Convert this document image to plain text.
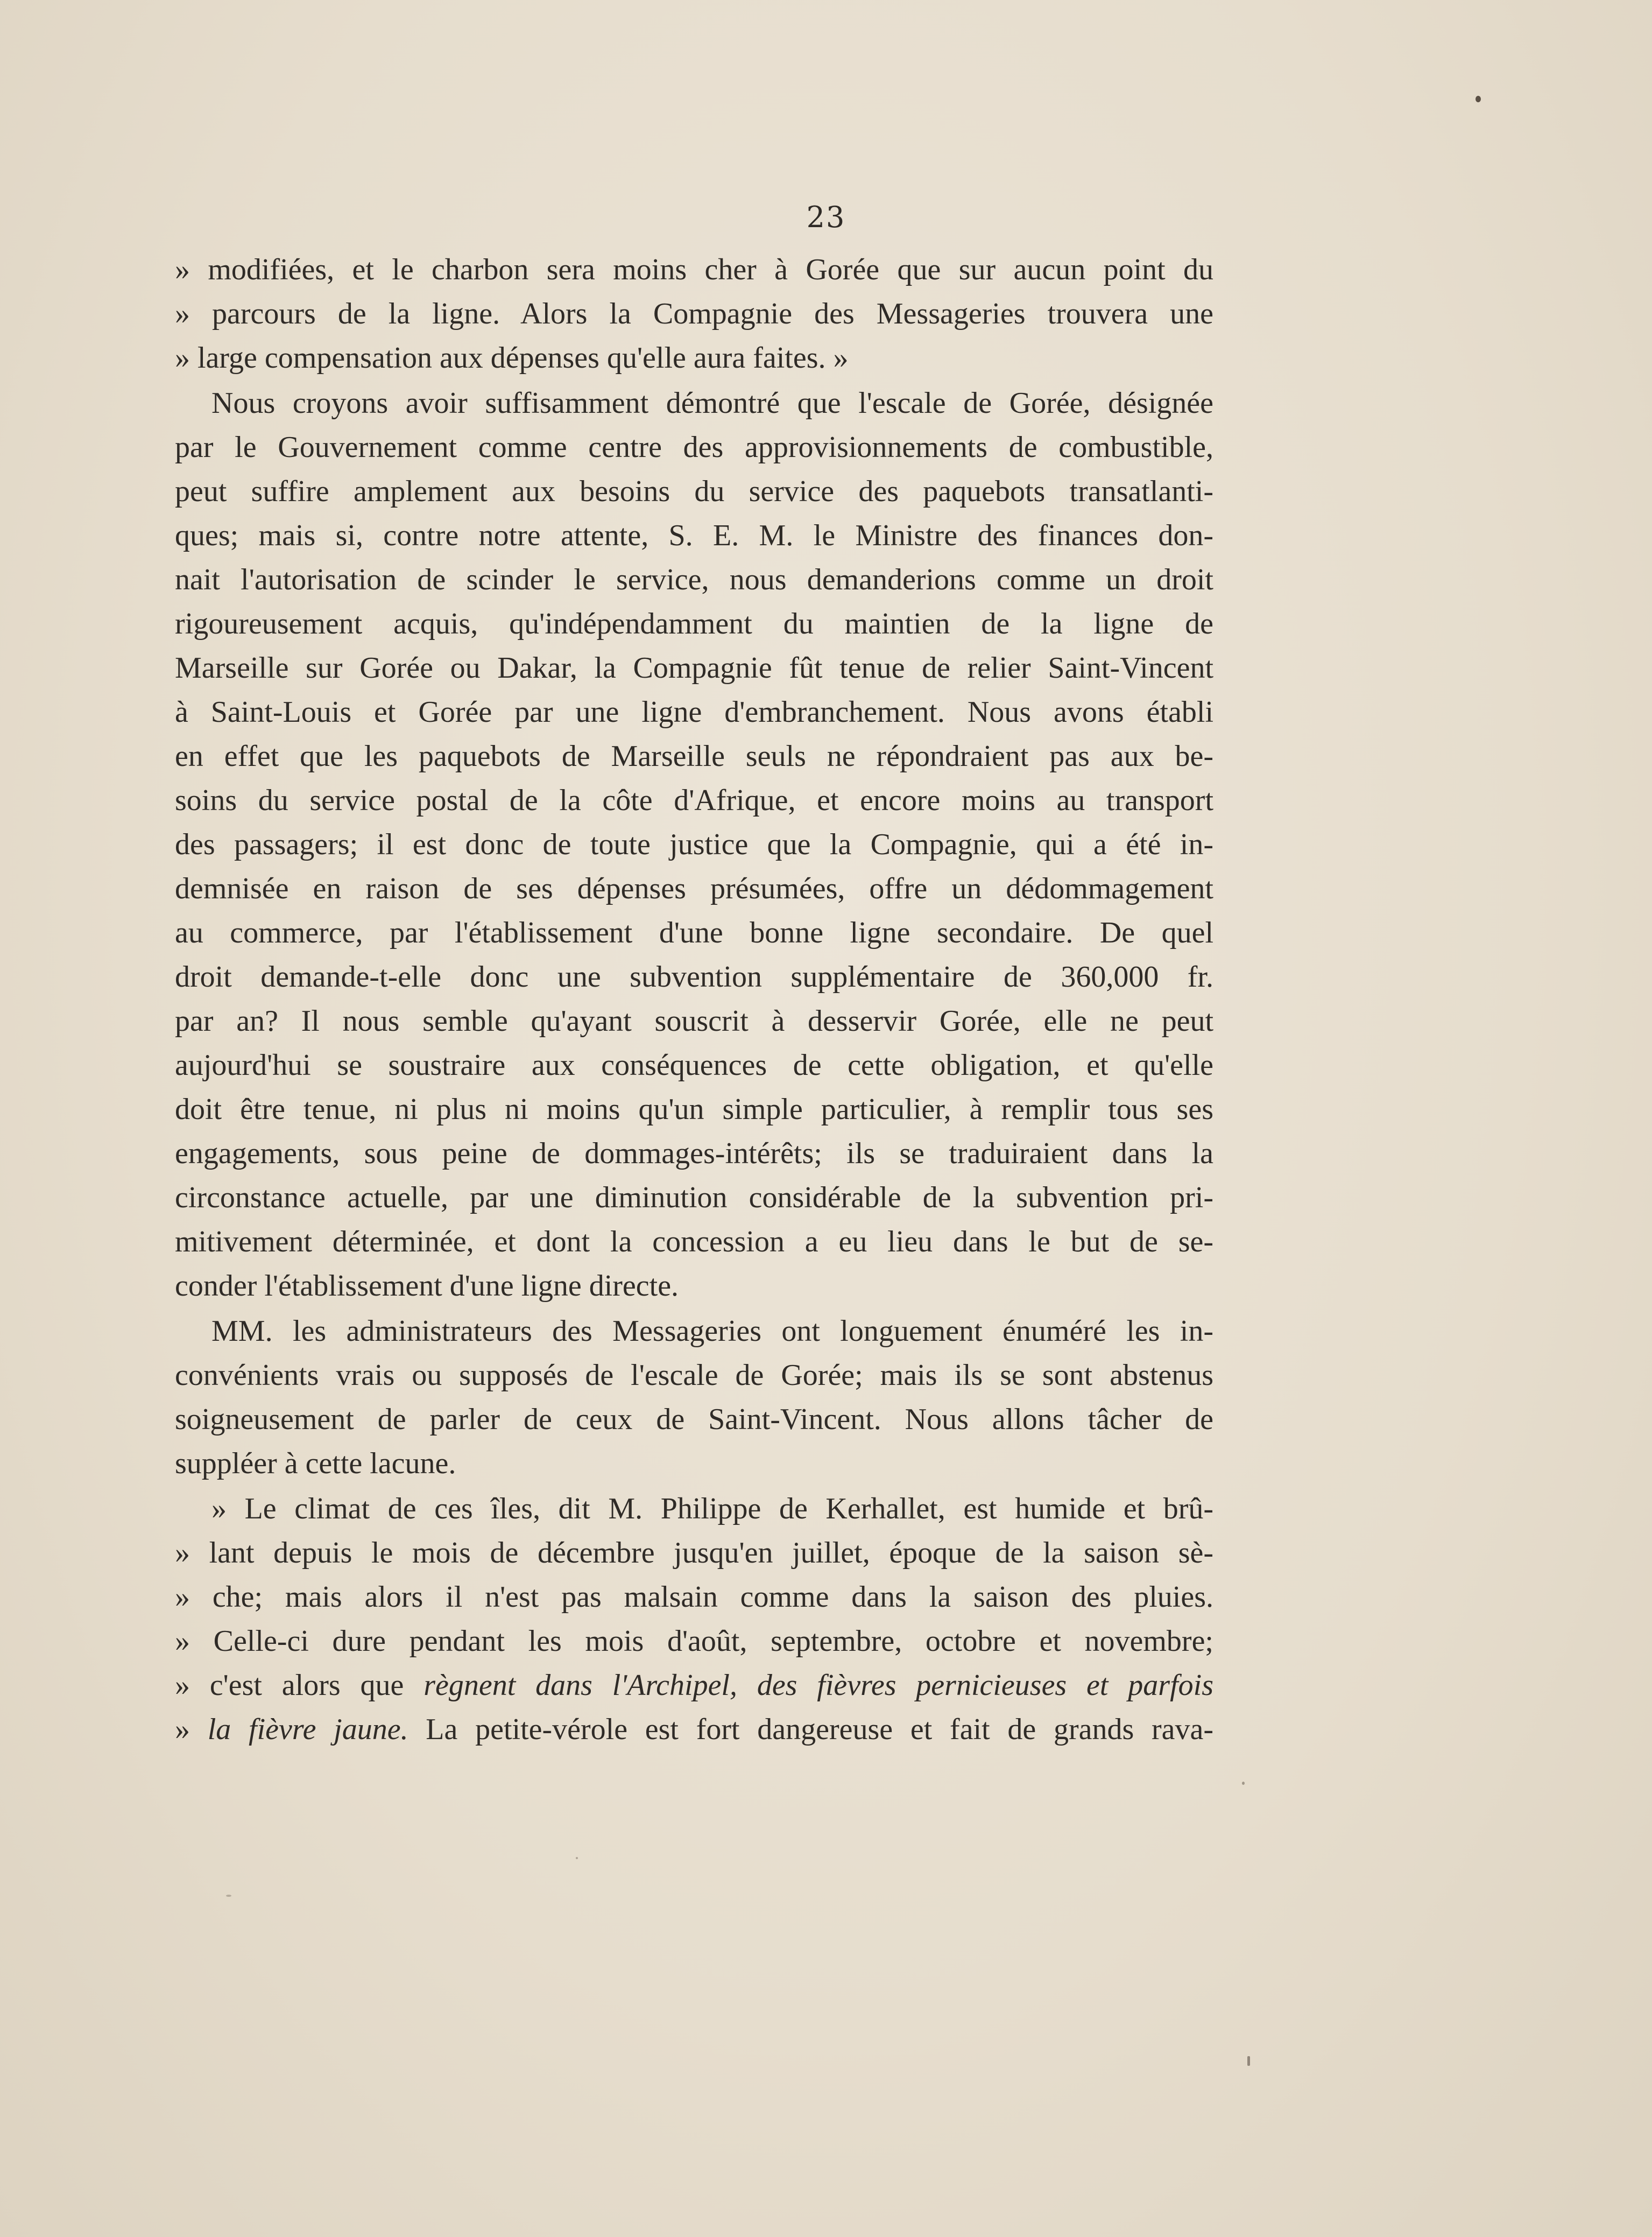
23
» modifiées, et le charbon sera moins cher à Gorée que sur aucun point du
» parcours de la ligne. Alors la Compagnie des Messageries trouvera une
» large compensation aux dépenses qu'elle aura faites. »
Nous croyons avoir suffisamment démontré que l'escale de Gorée, désignée
par le Gouvernement comme centre des approvisionnements de combustible,
peut suffire amplement aux besoins du service des paquebots transatlanti-
ques; mais si, contre notre attente, S. E. M. le Ministre des finances don-
nait l'autorisation de scinder le service, nous demanderions comme un droit
rigoureusement acquis, qu'indépendamment du maintien de la ligne de
Marseille sur Gorée ou Dakar, la Compagnie fût tenue de relier Saint-Vincent
à Saint-Louis et Gorée par une ligne d'embranchement. Nous avons établi
en effet que les paquebots de Marseille seuls ne répondraient pas aux be-
soins du service postal de la côte d'Afrique, et encore moins au transport
des passagers; il est donc de toute justice que la Compagnie, qui a été in-
demnisée en raison de ses dépenses présumées, offre un dédommagement
au commerce, par l'établissement d'une bonne ligne secondaire. De quel
droit demande-t-elle donc une subvention supplémentaire de 360,000 fr.
par an? Il nous semble qu'ayant souscrit à desservir Gorée, elle ne peut
aujourd'hui se soustraire aux conséquences de cette obligation, et qu'elle
doit être tenue, ni plus ni moins qu'un simple particulier, à remplir tous ses
engagements, sous peine de dommages-intérêts; ils se traduiraient dans la
circonstance actuelle, par une diminution considérable de la subvention pri-
mitivement déterminée, et dont la concession a eu lieu dans le but de se-
conder l'établissement d'une ligne directe.
MM. les administrateurs des Messageries ont longuement énuméré les in-
convénients vrais ou supposés de l'escale de Gorée; mais ils se sont abstenus
soigneusement de parler de ceux de Saint-Vincent. Nous allons tâcher de
suppléer à cette lacune.
» Le climat de ces îles, dit M. Philippe de Kerhallet, est humide et brû-
» lant depuis le mois de décembre jusqu'en juillet, époque de la saison sè-
» che; mais alors il n'est pas malsain comme dans la saison des pluies.
» Celle-ci dure pendant les mois d'août, septembre, octobre et novembre;
» c'est alors que règnent dans l'Archipel, des fièvres pernicieuses et parfois
» la fièvre jaune. La petite-vérole est fort dangereuse et fait de grands rava-
